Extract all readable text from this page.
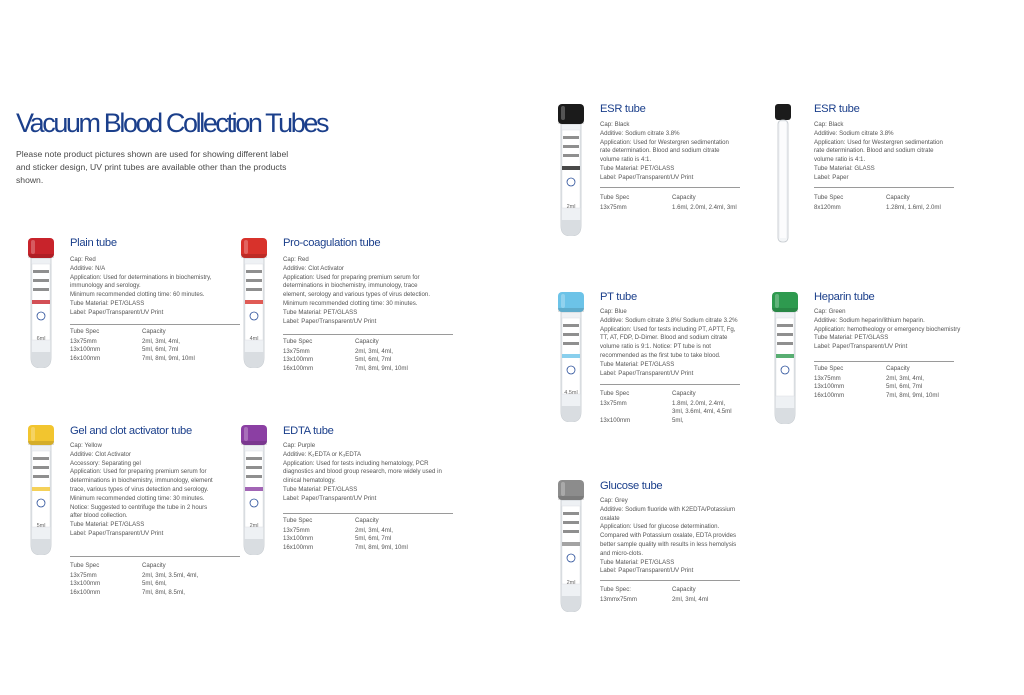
Vacuum Blood Collection Tubes
Please note product pictures shown are used for showing different label and sticker design, UV print tubes are available other than the products shown.
6ml
Plain tube
Cap: Red
Additive: N/A
Application: Used for determinations in biochemistry, immunology and serology.
Minimum recommended clotting time: 60 minutes.
Tube Material: PET/GLASS
Label: Paper/Transparent/UV Print
Tube Spec
13x75mm
13x100mm
16x100mm
Capacity
2ml, 3ml, 4ml,
5ml, 6ml, 7ml
7ml, 8ml, 9ml, 10ml
4ml
Pro-coagulation tube
Cap: Red
Additive: Clot Activator
Application: Used for preparing premium serum for determinations in biochemistry, immunology, trace element, serology and various types of virus detection.
Minimum recommended clotting time: 30 minutes.
Tube Material: PET/GLASS
Label: Paper/Transparent/UV Print
Tube Spec
13x75mm
13x100mm
16x100mm
Capacity
2ml, 3ml, 4ml,
5ml, 6ml, 7ml
7ml, 8ml, 9ml, 10ml
5ml
Gel and clot activator tube
Cap: Yellow
Additive: Clot Activator
Accessory: Separating gel
Application: Used for preparing premium serum for determinations in biochemistry, immunology, element trace, various types of virus detection and serology.
Minimum recommended clotting time: 30 minutes.
Notice: Suggested to centrifuge the tube in 2 hours after blood collection.
Tube Material: PET/GLASS
Label: Paper/Transparent/UV Print
Tube Spec
13x75mm
13x100mm
16x100mm
Capacity
2ml, 3ml, 3.5ml, 4ml,
5ml, 6ml,
7ml, 8ml, 8.5ml,
2ml
EDTA tube
Cap: Purple
Additive: K₂EDTA or K₃EDTA
Application: Used for tests including hematology, PCR diagnostics and blood group research, more widely used in clinical hematology.
Tube Material: PET/GLASS
Label: Paper/Transparent/UV Print
Tube Spec
13x75mm
13x100mm
16x100mm
Capacity
2ml, 3ml, 4ml,
5ml, 6ml, 7ml
7ml, 8ml, 9ml, 10ml
2ml
ESR tube
Cap: Black
Additive: Sodium citrate 3.8%
Application: Used for Westergren sedimentation rate determination. Blood and sodium citrate volume ratio is 4:1.
Tube Material: PET/GLASS
Label: Paper/Transparent/UV Print
Tube Spec
13x75mm
Capacity
1.6ml, 2.0ml, 2.4ml, 3ml
ESR tube
Cap: Black
Additive: Sodium citrate 3.8%
Application: Used for Westergren sedimentation rate determination. Blood and sodium citrate volume ratio is 4:1.
Tube Material: GLASS
Label: Paper
Tube Spec
8x120mm
Capacity
1.28ml, 1.6ml, 2.0ml
4.5ml
PT tube
Cap: Blue
Additive: Sodium citrate 3.8%/ Sodium citrate 3.2%
Application: Used for tests including PT, APTT, Fg, TT, AT, FDP, D-Dimer. Blood and sodium citrate volume ratio is 9:1. Notice: PT tube is not recommended as the first tube to take blood.
Tube Material: PET/GLASS
Label: Paper/Transparent/UV Print
Tube Spec
13x75mm
13x100mm
Capacity
1.8ml, 2.0ml, 2.4ml, 3ml, 3.6ml, 4ml, 4.5ml
5ml,
Heparin tube
Cap: Green
Additive: Sodium heparin/lithium heparin.
Application: hemotheology or emergency biochemistry
Tube Material: PET/GLASS
Label: Paper/Transparent/UV Print
Tube Spec
13x75mm
13x100mm
16x100mm
Capacity
2ml, 3ml, 4ml,
5ml, 6ml, 7ml
7ml, 8ml, 9ml, 10ml
2ml
Glucose tube
Cap: Grey
Additive: Sodium fluoride with K2EDTA/Potassium oxalate
Application: Used for glucose determination. Compared with Potassium oxalate, EDTA provides better sample quality with results in less hemolysis and micro-clots.
Tube Material: PET/GLASS
Label: Paper/Transparent/UV Print
Tube Spec:
13mmx75mm
Capacity
2ml, 3ml, 4ml
